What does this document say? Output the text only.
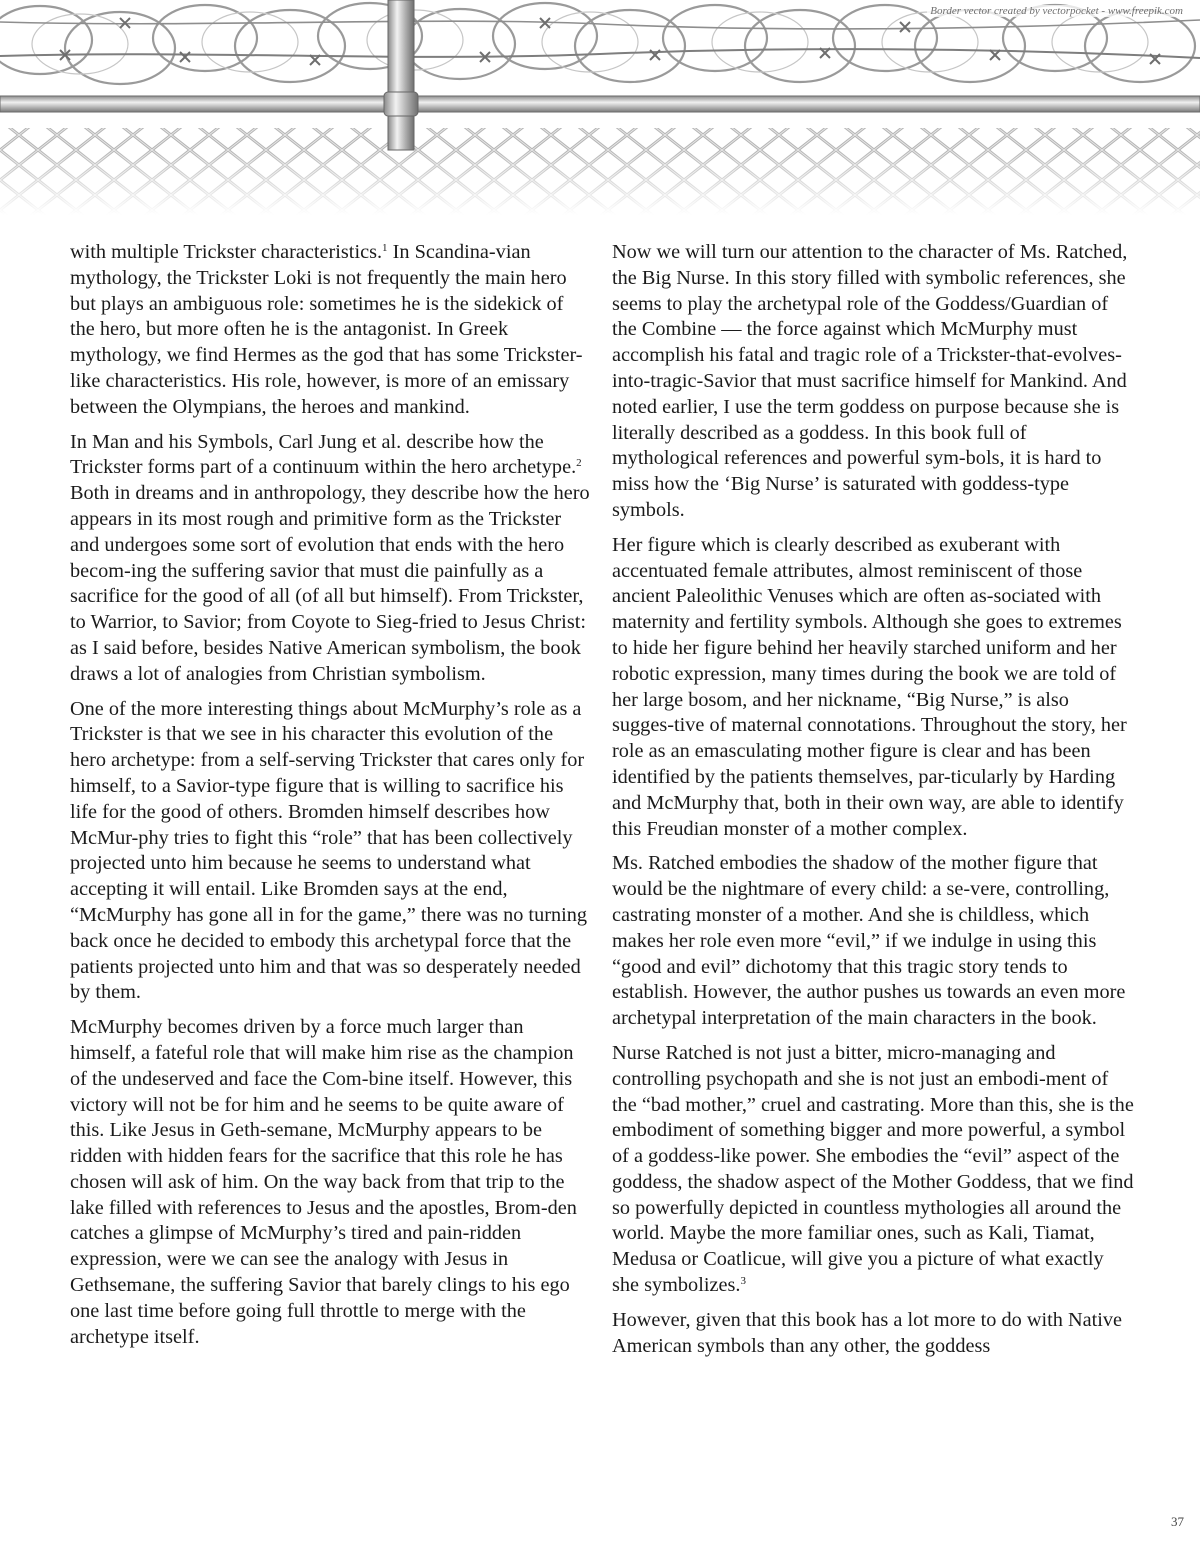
Border vector created by vectorpocket - www.freepik.com

with multiple Trickster characteristics.$^1$ In Scandina-vian mythology, the Trickster Loki is not frequently the main hero but plays an ambiguous role: sometimes he is the sidekick of the hero, but more often he is the antagonist. In Greek mythology, we find Hermes as the god that has some Trickster-like characteristics. His role, however, is more of an emissary between the Olympians, the heroes and mankind.

In Man and his Symbols, Carl Jung et al. describe how the Trickster forms part of a continuum within the hero archetype.$^2$ Both in dreams and in anthropology, they describe how the hero appears in its most rough and primitive form as the Trickster and undergoes some sort of evolution that ends with the hero becom-ing the suffering savior that must die painfully as a sacrifice for the good of all (of all but himself). From Trickster, to Warrior, to Savior; from Coyote to Sieg-fried to Jesus Christ: as I said before, besides Native American symbolism, the book draws a lot of analogies from Christian symbolism.

One of the more interesting things about McMurphy’s role as a Trickster is that we see in his character this evolution of the hero archetype: from a self-serving Trickster that cares only for himself, to a Savior-type figure that is willing to sacrifice his life for the good of others. Bromden himself describes how McMur-phy tries to fight this “role” that has been collectively projected unto him because he seems to understand what accepting it will entail. Like Bromden says at the end, “McMurphy has gone all in for the game,” there was no turning back once he decided to embody this archetypal force that the patients projected unto him and that was so desperately needed by them.

McMurphy becomes driven by a force much larger than himself, a fateful role that will make him rise as the champion of the undeserved and face the Com-bine itself. However, this victory will not be for him and he seems to be quite aware of this. Like Jesus in Geth-semane, McMurphy appears to be ridden with hidden fears for the sacrifice that this role he has chosen will ask of him. On the way back from that trip to the lake filled with references to Jesus and the apostles, Brom-den catches a glimpse of McMurphy’s tired and pain-ridden expression, were we can see the analogy with Jesus in Gethsemane, the suffering Savior that barely clings to his ego one last time before going full throttle to merge with the archetype itself.

Now we will turn our attention to the character of Ms. Ratched, the Big Nurse. In this story filled with symbolic references, she seems to play the archetypal role of the Goddess/Guardian of the Combine — the force against which McMurphy must accomplish his fatal and tragic role of a Trickster-that-evolves-into-tragic-Savior that must sacrifice himself for Mankind. And noted earlier, I use the term goddess on purpose because she is literally described as a goddess. In this book full of mythological references and powerful sym-bols, it is hard to miss how the ‘Big Nurse’ is saturated with goddess-type symbols.

Her figure which is clearly described as exuberant with accentuated female attributes, almost reminiscent of those ancient Paleolithic Venuses which are often as-sociated with maternity and fertility symbols. Although she goes to extremes to hide her figure behind her heavily starched uniform and her robotic expression, many times during the book we are told of her large bosom, and her nickname, “Big Nurse,” is also sugges-tive of maternal connotations. Throughout the story, her role as an emasculating mother figure is clear and has been identified by the patients themselves, par-ticularly by Harding and McMurphy that, both in their own way, are able to identify this Freudian monster of a mother complex.

Ms. Ratched embodies the shadow of the mother figure that would be the nightmare of every child: a se-vere, controlling, castrating monster of a mother. And she is childless, which makes her role even more “evil,” if we indulge in using this “good and evil” dichotomy that this tragic story tends to establish. However, the author pushes us towards an even more archetypal interpretation of the main characters in the book.

Nurse Ratched is not just a bitter, micro-managing and controlling psychopath and she is not just an embodi-ment of the “bad mother,” cruel and castrating. More than this, she is the embodiment of something bigger and more powerful, a symbol of a goddess-like power. She embodies the “evil” aspect of the goddess, the shadow aspect of the Mother Goddess, that we find so powerfully depicted in countless mythologies all around the world. Maybe the more familiar ones, such as Kali, Tiamat, Medusa or Coatlicue, will give you a picture of what exactly she symbolizes.$^3$

However, given that this book has a lot more to do with Native American symbols than any other, the goddess

37
